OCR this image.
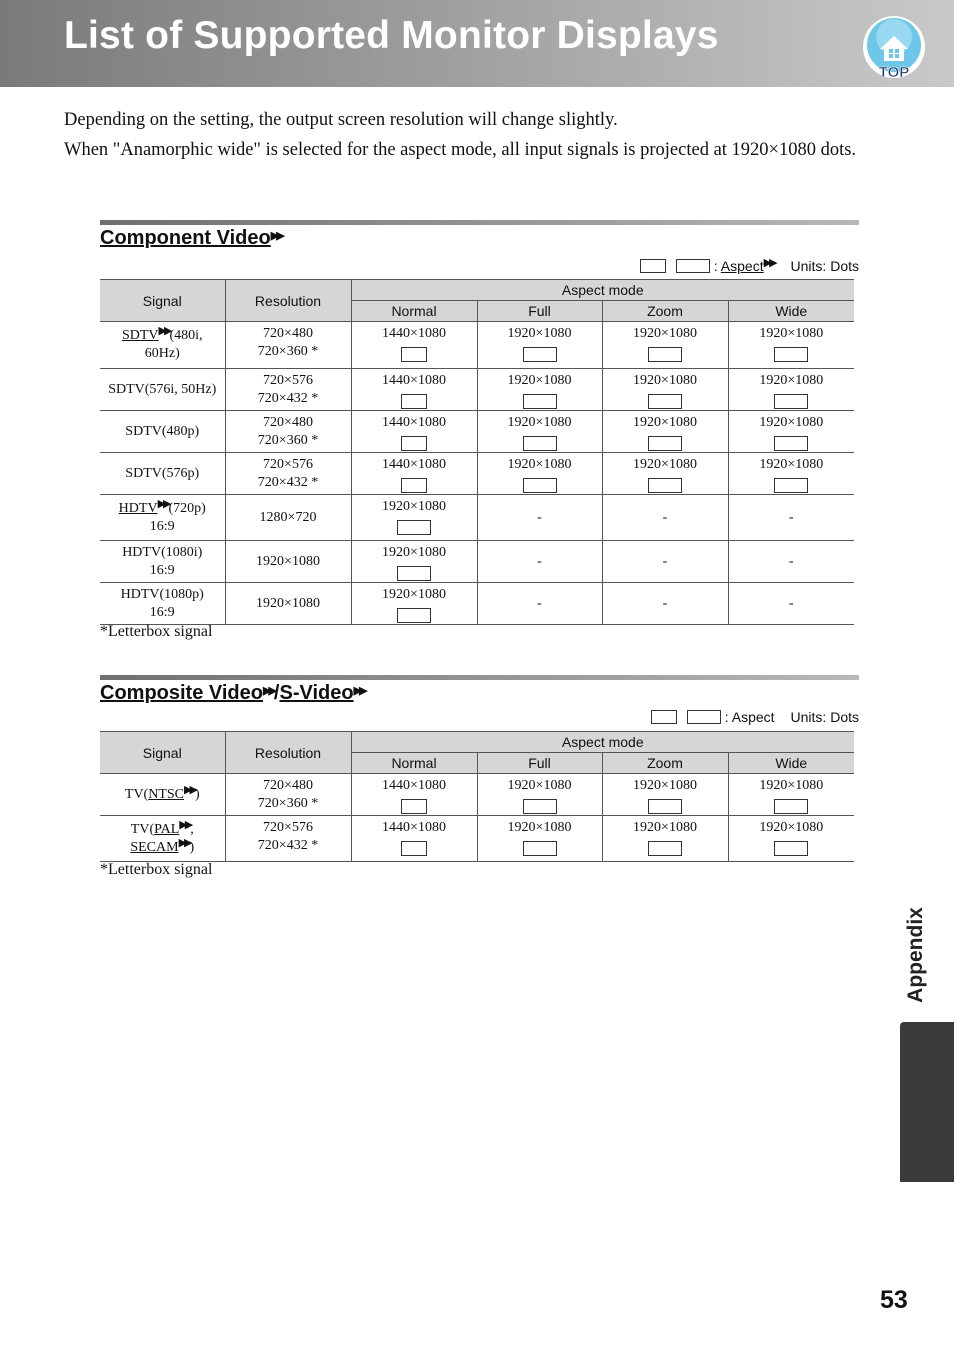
List of Supported Monitor Displays
TOP

Depending on the setting, the output screen resolution will change slightly.

When "Anamorphic wide" is selected for the aspect mode, all input signals is projected at 1920×1080 dots.

Component Video▶▶
: Aspect▶▶ Units: Dots
Signal	Resolution	Aspect mode			
		Normal	Full	Zoom	Wide
SDTV▶▶(480i,
60Hz)	720×480
720×360 *	1440×1080	1920×1080	1920×1080	1920×1080

SDTV(576i, 50Hz)	720×576
720×432 *	1440×1080	1920×1080	1920×1080	1920×1080

SDTV(480p)	720×480
720×360 *	1440×1080	1920×1080	1920×1080	1920×1080

SDTV(576p)	720×576
720×432 *	1440×1080	1920×1080	1920×1080	1920×1080

HDTV▶▶(720p)
16:9	1280×720	1920×1080	-	-	-
HDTV(1080i)
16:9	1920×1080	1920×1080	-	-	-
HDTV(1080p)
16:9	1920×1080	1920×1080	-	-	-
*Letterbox signal
Composite Video▶▶/S-Video▶▶
: Aspect Units: Dots
Signal	Resolution	Aspect mode			
		Normal	Full	Zoom	Wide
TV(NTSC▶▶)	720×480
720×360 *	1440×1080	1920×1080	1920×1080	1920×1080

TV(PAL▶▶,
SECAM▶▶)	720×576
720×432 *	1440×1080	1920×1080	1920×1080	1920×1080
*Letterbox signal
Appendix
53
